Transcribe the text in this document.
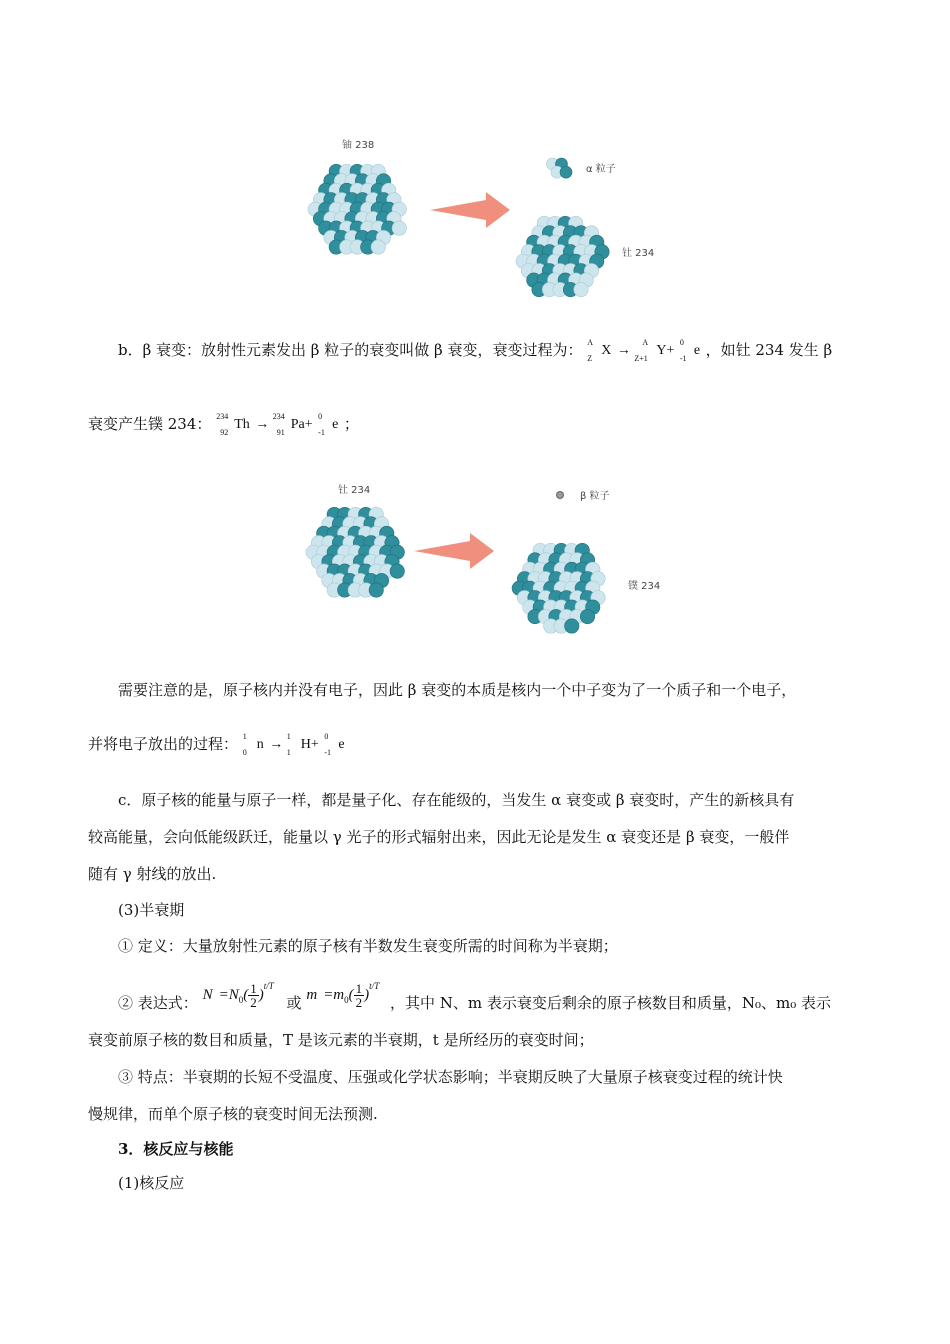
铀 238
α 粒子
钍 234
b．β 衰变：放射性元素发出 β 粒子的衰变叫做 β 衰变，衰变过程为： A
Z
X →
A
Z+1
Y+
0
-1
e ，如钍 234 发生 β
衰变产生镤 234： 234
92
Th →
234
91
Pa+
0
-1
e ；
钍 234
β 粒子
镤 234
需要注意的是，原子核内并没有电子，因此 β 衰变的本质是核内一个中子变为了一个质子和一个电子，
并将电子放出的过程： 1
0
n →
1
1
H+
0
-1
e
c．原子核的能量与原子一样，都是量子化、存在能级的，当发生 α 衰变或 β 衰变时，产生的新核具有
较高能量，会向低能级跃迁，能量以 γ 光子的形式辐射出来，因此无论是发生 α 衰变还是 β 衰变，一般伴
随有 γ 射线的放出.
(3)半衰期
① 定义：大量放射性元素的原子核有半数发生衰变所需的时间称为半衰期；
② 表达式： $N =N_0( \frac{1}{2} )^{t/T}$ 或 $m =m_0( \frac{1}{2} )^{t/T}$ ，其中 N、m 表示衰变后剩余的原子核数目和质量，N₀、m₀ 表示
衰变前原子核的数目和质量，T 是该元素的半衰期，t 是所经历的衰变时间；
③ 特点：半衰期的长短不受温度、压强或化学状态影响；半衰期反映了大量原子核衰变过程的统计快
慢规律，而单个原子核的衰变时间无法预测.
3．核反应与核能
(1)核反应
